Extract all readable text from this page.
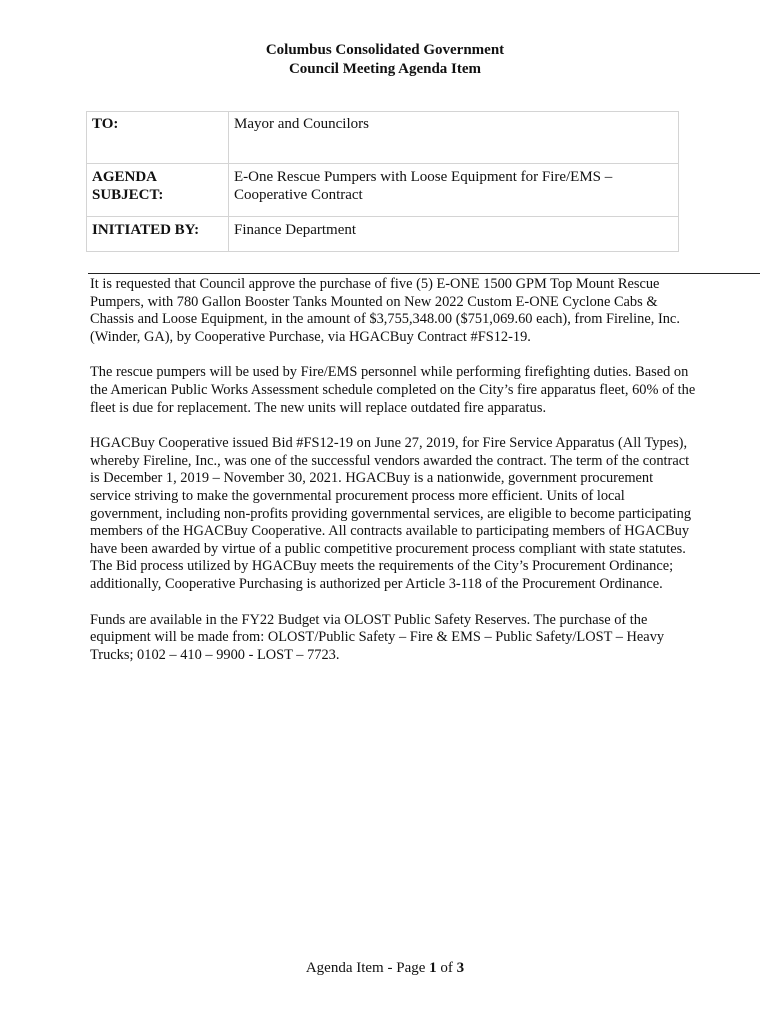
Columbus Consolidated Government
Council Meeting Agenda Item
TO:	Mayor and Councilors
AGENDA
SUBJECT:	E-One Rescue Pumpers with Loose Equipment for Fire/EMS –
Cooperative Contract
INITIATED BY:	Finance Department

It is requested that Council approve the purchase of five (5) E-ONE 1500 GPM Top Mount Rescue
Pumpers, with 780 Gallon Booster Tanks Mounted on New 2022 Custom E-ONE Cyclone Cabs &
Chassis and Loose Equipment, in the amount of $3,755,348.00 ($751,069.60 each), from Fireline, Inc.
(Winder, GA), by Cooperative Purchase, via HGACBuy Contract #FS12-19.

The rescue pumpers will be used by Fire/EMS personnel while performing firefighting duties. Based on
the American Public Works Assessment schedule completed on the City’s fire apparatus fleet, 60% of the
fleet is due for replacement. The new units will replace outdated fire apparatus.

HGACBuy Cooperative issued Bid #FS12-19 on June 27, 2019, for Fire Service Apparatus (All Types),
whereby Fireline, Inc., was one of the successful vendors awarded the contract. The term of the contract
is December 1, 2019 – November 30, 2021. HGACBuy is a nationwide, government procurement
service striving to make the governmental procurement process more efficient. Units of local
government, including non-profits providing governmental services, are eligible to become participating
members of the HGACBuy Cooperative. All contracts available to participating members of HGACBuy
have been awarded by virtue of a public competitive procurement process compliant with state statutes.
The Bid process utilized by HGACBuy meets the requirements of the City’s Procurement Ordinance;
additionally, Cooperative Purchasing is authorized per Article 3-118 of the Procurement Ordinance.

Funds are available in the FY22 Budget via OLOST Public Safety Reserves. The purchase of the
equipment will be made from: OLOST/Public Safety – Fire & EMS – Public Safety/LOST – Heavy
Trucks; 0102 – 410 – 9900 - LOST – 7723.

Agenda Item - Page 1 of 3
